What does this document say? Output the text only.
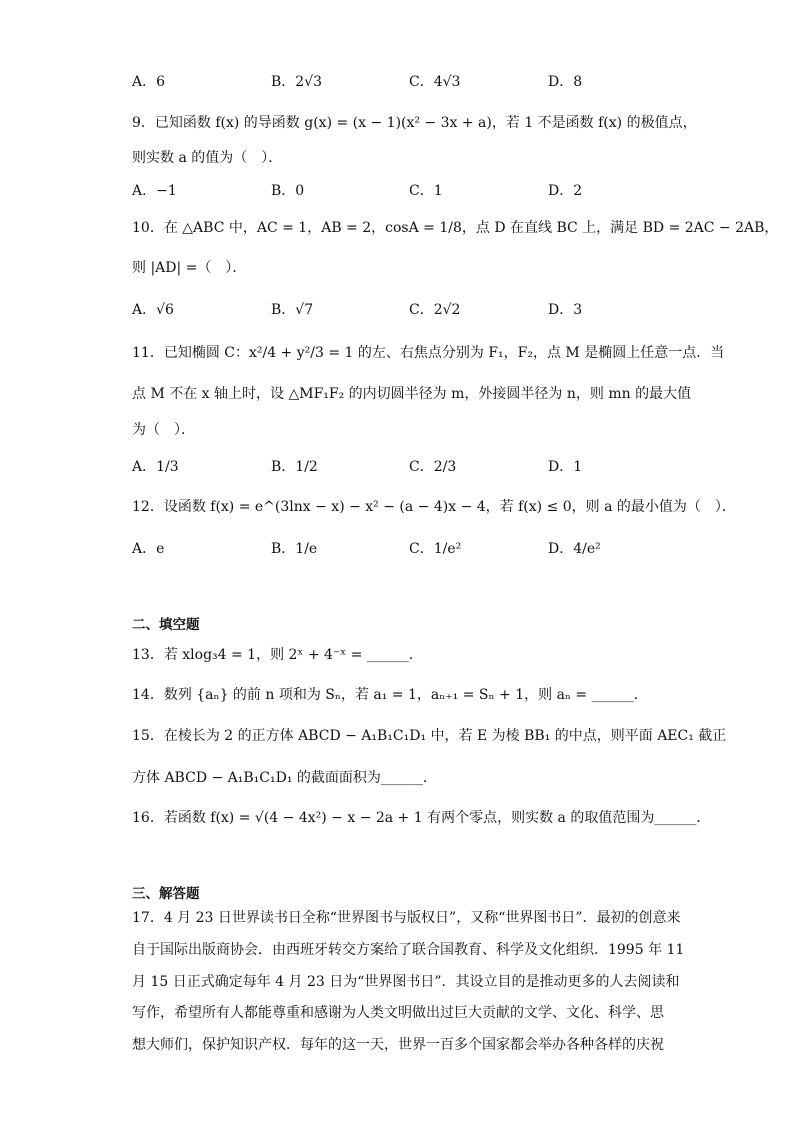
A．6	B．2√3	C．4√3	D．8
9．已知函数 f(x) 的导函数 g(x) = (x − 1)(x² − 3x + a)，若 1 不是函数 f(x) 的极值点，
则实数 a 的值为（　）．
A．−1	B．0	C．1	D．2
10．在 △ABC 中，AC = 1，AB = 2，cosA = 1/8，点 D 在直线 BC 上，满足 BD = 2AC − 2AB，
则 |AD| =（　）．
A．√6	B．√7	C．2√2	D．3
11．已知椭圆 C：x²/4 + y²/3 = 1 的左、右焦点分别为 F₁，F₂，点 M 是椭圆上任意一点．当
点 M 不在 x 轴上时，设 △MF₁F₂ 的内切圆半径为 m，外接圆半径为 n，则 mn 的最大值
为（　）．
A．1/3	B．1/2	C．2/3	D．1
12．设函数 f(x) = e^(3lnx − x) − x² − (a − 4)x − 4，若 f(x) ≤ 0，则 a 的最小值为（　）．
A．e	B．1/e	C．1/e²	D．4/e²
二、填空题
13．若 xlog₃4 = 1，则 2ˣ + 4⁻ˣ = ______．
14．数列 {aₙ} 的前 n 项和为 Sₙ，若 a₁ = 1，aₙ₊₁ = Sₙ + 1，则 aₙ = ______．
15．在棱长为 2 的正方体 ABCD − A₁B₁C₁D₁ 中，若 E 为棱 BB₁ 的中点，则平面 AEC₁ 截正
方体 ABCD − A₁B₁C₁D₁ 的截面面积为______．
16．若函数 f(x) = √(4 − 4x²) − x − 2a + 1 有两个零点，则实数 a 的取值范围为______．
三、解答题
17．4 月 23 日世界读书日全称“世界图书与版权日”，又称“世界图书日”．最初的创意来
自于国际出版商协会．由西班牙转交方案给了联合国教育、科学及文化组织．1995 年 11
月 15 日正式确定每年 4 月 23 日为“世界图书日”．其设立目的是推动更多的人去阅读和
写作，希望所有人都能尊重和感谢为人类文明做出过巨大贡献的文学、文化、科学、思
想大师们，保护知识产权．每年的这一天，世界一百多个国家都会举办各种各样的庆祝
